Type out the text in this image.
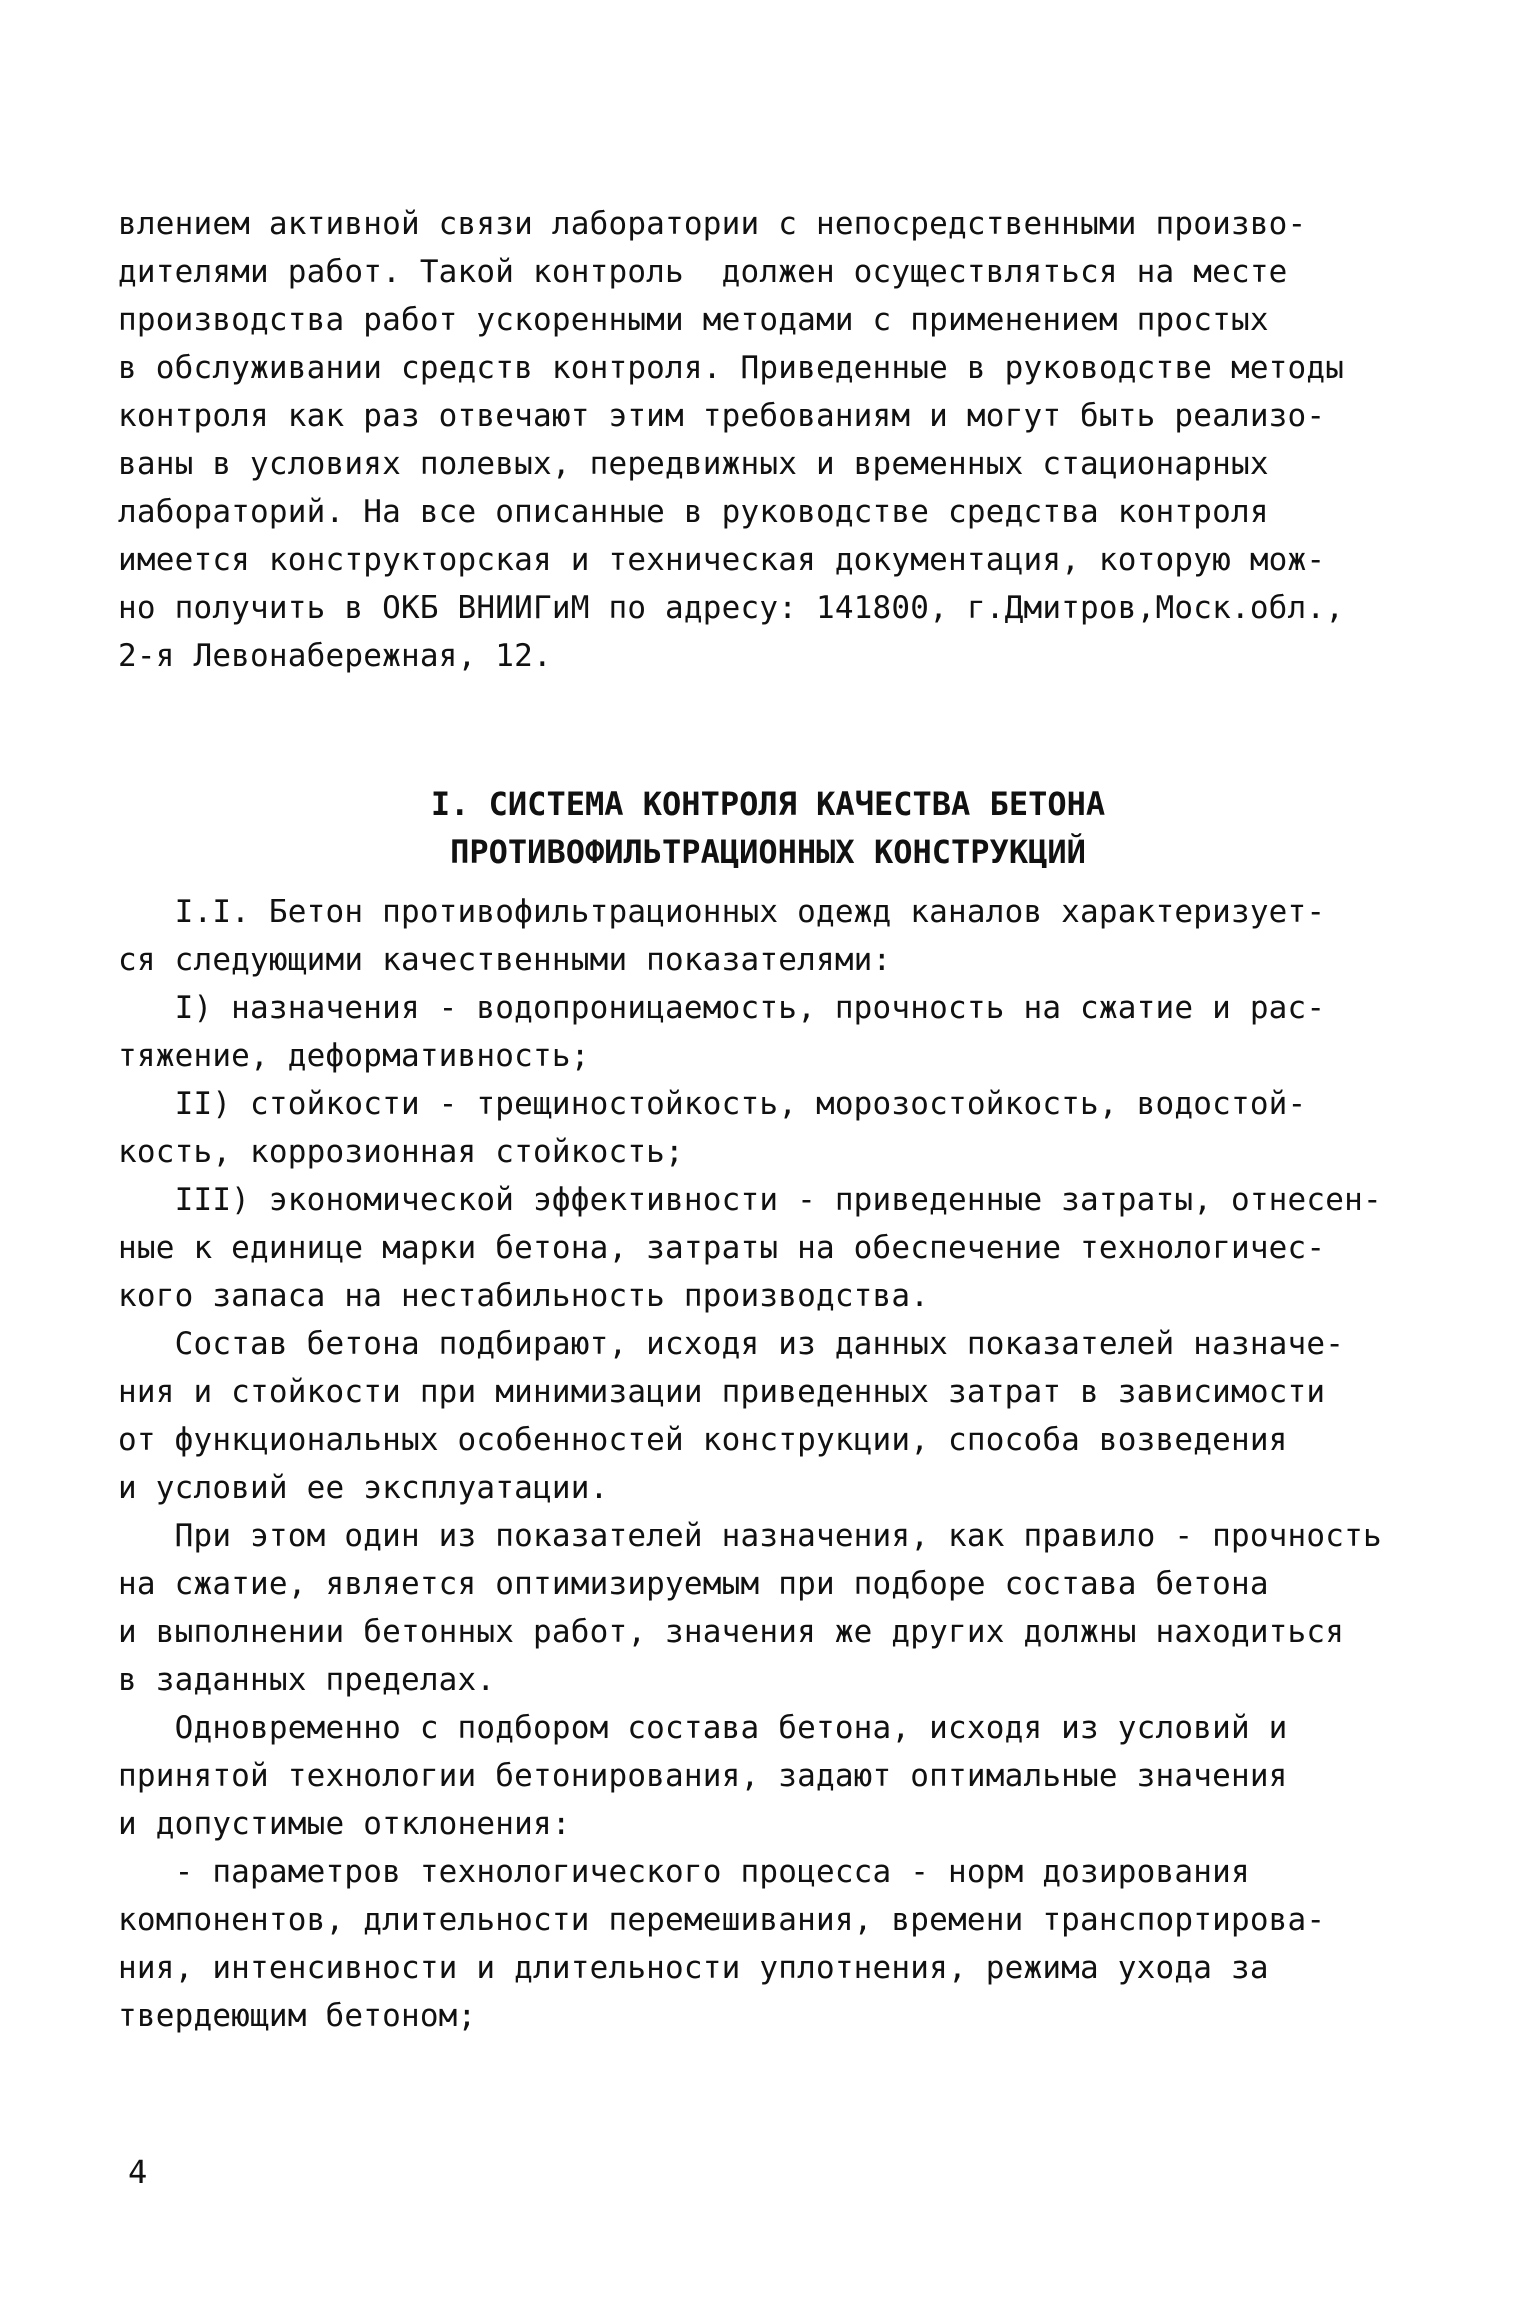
влением активной связи лаборатории с непосредственными произво-
дителями работ. Такой контроль  должен осуществляться на месте
производства работ ускоренными методами с применением простых
в обслуживании средств контроля. Приведенные в руководстве методы
контроля как раз отвечают этим требованиям и могут быть реализо-
ваны в условиях полевых, передвижных и временных стационарных
лабораторий. На все описанные в руководстве средства контроля
имеется конструкторская и техническая документация, которую мож-
но получить в ОКБ ВНИИГиМ по адресу: 141800, г.Дмитров,Моск.обл.,
2-я Левонабережная, 12.
I. СИСТЕМА КОНТРОЛЯ КАЧЕСТВА БЕТОНА
ПРОТИВОФИЛЬТРАЦИОННЫХ КОНСТРУКЦИЙ
I.I. Бетон противофильтрационных одежд каналов характеризует-
ся следующими качественными показателями:
I) назначения - водопроницаемость, прочность на сжатие и рас-
тяжение, деформативность;
II) стойкости - трещиностойкость, морозостойкость, водостой-
кость, коррозионная стойкость;
III) экономической эффективности - приведенные затраты, отнесен-
ные к единице марки бетона, затраты на обеспечение технологичес-
кого запаса на нестабильность производства.
Состав бетона подбирают, исходя из данных показателей назначе-
ния и стойкости при минимизации приведенных затрат в зависимости
от функциональных особенностей конструкции, способа возведения
и условий ее эксплуатации.
При этом один из показателей назначения, как правило - прочность
на сжатие, является оптимизируемым при подборе состава бетона
и выполнении бетонных работ, значения же других должны находиться
в заданных пределах.
Одновременно с подбором состава бетона, исходя из условий и
принятой технологии бетонирования, задают оптимальные значения
и допустимые отклонения:
- параметров технологического процесса - норм дозирования
компонентов, длительности перемешивания, времени транспортирова-
ния, интенсивности и длительности уплотнения, режима ухода за
твердеющим бетоном;
4
